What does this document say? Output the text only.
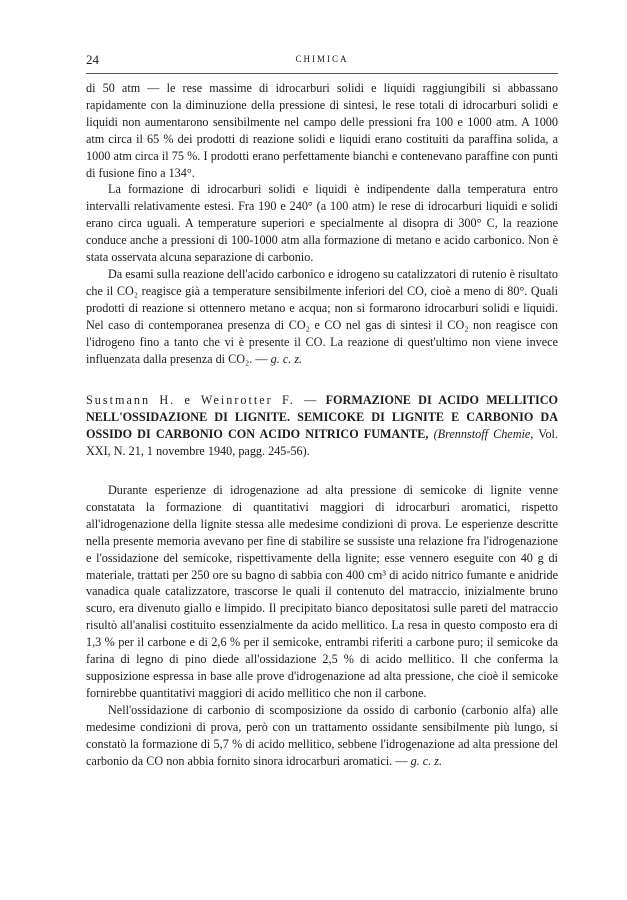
24	CHIMICA

di 50 atm — le rese massime di idrocarburi solidi e liquidi raggiungibili si abbassano rapidamente con la diminuzione della pressione di sintesi, le rese totali di idrocarburi solidi e liquidi non aumentarono sensibilmente nel campo delle pressioni fra 100 e 1000 atm. A 1000 atm circa il 65 % dei prodotti di reazione solidi e liquidi erano costituiti da paraffina solida, a 1000 atm circa il 75 %. I prodotti erano perfettamente bianchi e contenevano paraffine con punti di fusione fino a 134°.

La formazione di idrocarburi solidi e liquidi è indipendente dalla temperatura entro intervalli relativamente estesi. Fra 190 e 240° (a 100 atm) le rese di idrocarburi liquidi e solidi erano circa uguali. A temperature superiori e specialmente al disopra di 300° C, la reazione conduce anche a pressioni di 100-1000 atm alla formazione di metano e acido carbonico. Non è stata osservata alcuna separazione di carbonio.

Da esami sulla reazione dell'acido carbonico e idrogeno su catalizzatori di rutenio è risultato che il CO₂ reagisce già a temperature sensibilmente inferiori del CO, cioè a meno di 80°. Quali prodotti di reazione si ottennero metano e acqua; non si formarono idrocarburi solidi e liquidi. Nel caso di contemporanea presenza di CO₂ e CO nel gas di sintesi il CO₂ non reagisce con l'idrogeno fino a tanto che vi è presente il CO. La reazione di quest'ultimo non viene invece influenzata dalla presenza di CO₂. — g. c. z.

Sustmann H. e Weinrotter F. — FORMAZIONE DI ACIDO MELLITICO NELL'OSSIDAZIONE DI LIGNITE. SEMICOKE DI LIGNITE E CARBONIO DA OSSIDO DI CARBONIO CON ACIDO NITRICO FUMANTE, (Brennstoff Chemie, Vol. XXI, N. 21, 1 novembre 1940, pagg. 245-56).

Durante esperienze di idrogenazione ad alta pressione di semicoke di lignite venne constatata la formazione di quantitativi maggiori di idrocarburi aromatici, rispetto all'idrogenazione della lignite stessa alle medesime condizioni di prova. Le esperienze descritte nella presente memoria avevano per fine di stabilire se sussiste una relazione fra l'idrogenazione e l'ossidazione del semicoke, rispettivamente della lignite; esse vennero eseguite con 40 g di materiale, trattati per 250 ore su bagno di sabbia con 400 cm³ di acido nitrico fumante e anidride vanadica quale catalizzatore, trascorse le quali il contenuto del matraccio, inizialmente bruno scuro, era divenuto giallo e limpido. Il precipitato bianco depositatosi sulle pareti del matraccio risultò all'analisi costituito essenzialmente da acido mellitico. La resa in questo composto era di 1,3 % per il carbone e di 2,6 % per il semicoke, entrambi riferiti a carbone puro; il semicoke da farina di legno di pino diede all'ossidazione 2,5 % di acido mellitico. Il che conferma la supposizione espressa in base alle prove d'idrogenazione ad alta pressione, che cioè il semicoke fornirebbe quantitativi maggiori di acido mellitico che non il carbone.

Nell'ossidazione di carbonio di scomposizione da ossido di carbonio (carbonio alfa) alle medesime condizioni di prova, però con un trattamento ossidante sensibilmente più lungo, si constatò la formazione di 5,7 % di acido mellitico, sebbene l'idrogenazione ad alta pressione del carbonio da CO non abbia fornito sinora idrocarburi aromatici. — g. c. z.
